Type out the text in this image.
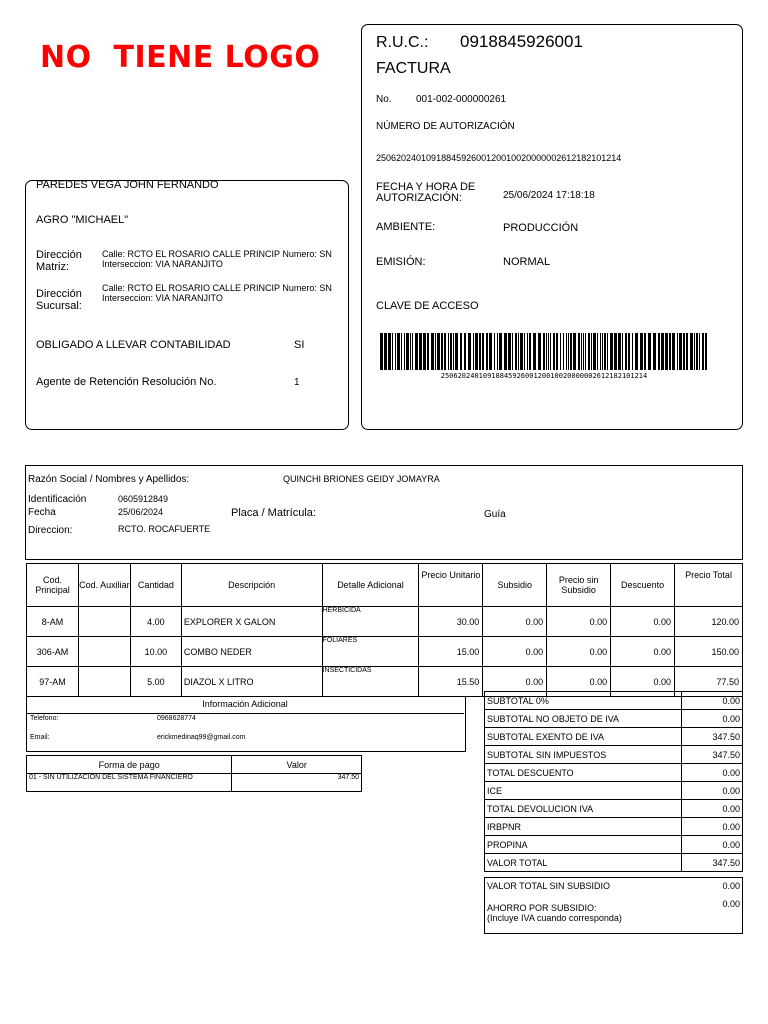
NO  TIENE LOGO
PAREDES VEGA JOHN FERNANDO
AGRO "MICHAEL"
Dirección Matriz:
Calle: RCTO EL ROSARIO CALLE PRINCIP Numero: SN Interseccion: VIA NARANJITO
Dirección Sucursal:
Calle: RCTO EL ROSARIO CALLE PRINCIP Numero: SN Interseccion: VIA NARANJITO
OBLIGADO A LLEVAR CONTABILIDAD	SI
Agente de Retención Resolución No.	1
R.U.C.: 0918845926001
FACTURA
No. 001-002-000000261
NÚMERO DE AUTORIZACIÓN
2506202401091884592600120010020000002612182101214
FECHA Y HORA DE AUTORIZACIÓN:	25/06/2024 17:18:18
AMBIENTE:	PRODUCCIÓN
EMISIÓN:	NORMAL
CLAVE DE ACCESO
2506202401091884592600120010020000002612182101214
Razón Social / Nombres y Apellidos:	QUINCHI BRIONES GEIDY JOMAYRA
Identificación	0605912849
Fecha	25/06/2024	Placa / Matrícula:	Guía
Direccion:	RCTO. ROCAFUERTE
Cod. Principal	Cod. Auxiliar	Cantidad	Descripción	Detalle Adicional	Precio Unitario	Subsidio	Precio sin Subsidio	Descuento	Precio Total
8-AM		4.00	EXPLORER X GALON	HERBICIDA	30.00	0.00	0.00	0.00	120.00
306-AM		10.00	COMBO NEDER	FOLIARES	15.00	0.00	0.00	0.00	150.00
97-AM		5.00	DIAZOL X LITRO	INSECTICIDAS	15.50	0.00	0.00	0.00	77.50
Información Adicional
Telefono:	0968628774
Email:	erickmedinaq99@gmail.com
Forma de pago	Valor
01 - SIN UTILIZACION DEL SISTEMA FINANCIERO	347.50
SUBTOTAL 0%	0.00
SUBTOTAL NO OBJETO DE IVA	0.00
SUBTOTAL EXENTO DE IVA	347.50
SUBTOTAL SIN IMPUESTOS	347.50
TOTAL DESCUENTO	0.00
ICE	0.00
TOTAL DEVOLUCION IVA	0.00
IRBPNR	0.00
PROPINA	0.00
VALOR TOTAL	347.50
VALOR TOTAL SIN SUBSIDIO	0.00
AHORRO POR SUBSIDIO:
(Incluye IVA cuando corresponda)
0.00
